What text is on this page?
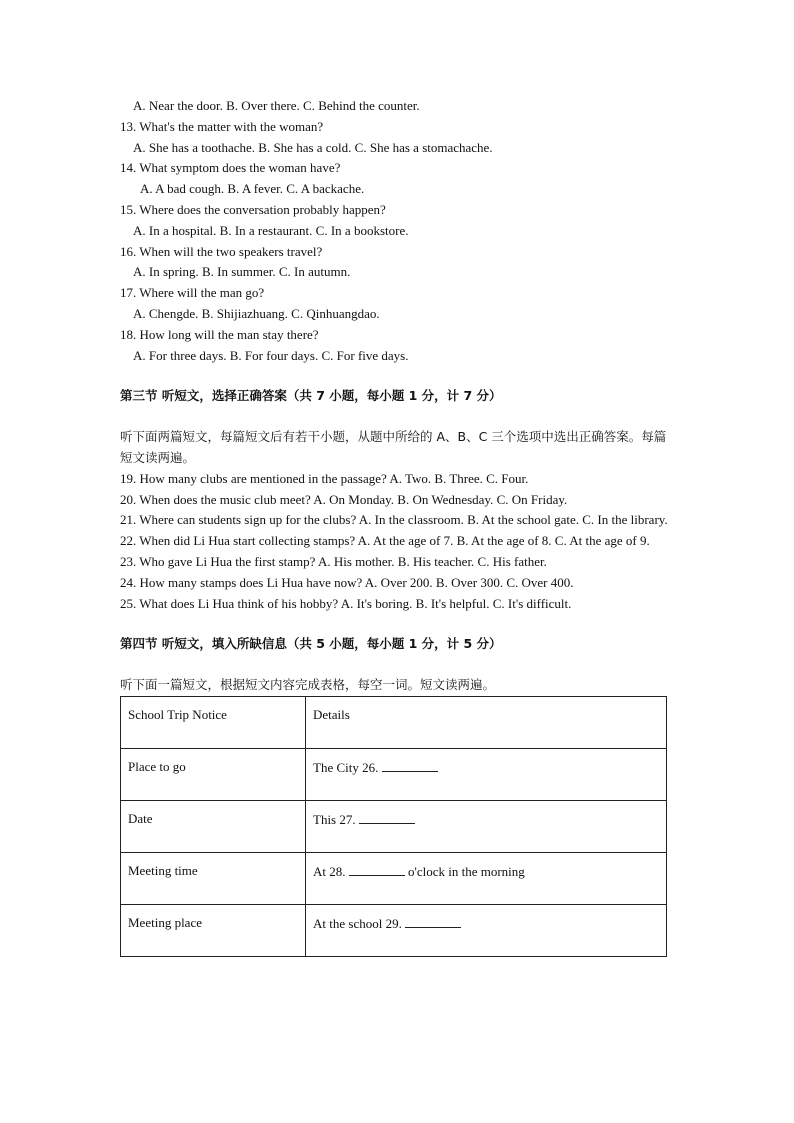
A. Near the door. B. Over there. C. Behind the counter.
13. What's the matter with the woman?
A. She has a toothache. B. She has a cold. C. She has a stomachache.
14. What symptom does the woman have?
A. A bad cough. B. A fever. C. A backache.
15. Where does the conversation probably happen?
A. In a hospital. B. In a restaurant. C. In a bookstore.
16. When will the two speakers travel?
A. In spring. B. In summer. C. In autumn.
17. Where will the man go?
A. Chengde. B. Shijiazhuang. C. Qinhuangdao.
18. How long will the man stay there?
A. For three days. B. For four days. C. For five days.
第三节 听短文，选择正确答案（共 7 小题，每小题 1 分，计 7 分）
听下面两篇短文，每篇短文后有若干小题，从题中所给的 A、B、C 三个选项中选出正确答案。每篇短文读两遍。
19. How many clubs are mentioned in the passage? A. Two. B. Three. C. Four.
20. When does the music club meet? A. On Monday. B. On Wednesday. C. On Friday.
21. Where can students sign up for the clubs? A. In the classroom. B. At the school gate. C. In the library.
22. When did Li Hua start collecting stamps? A. At the age of 7. B. At the age of 8. C. At the age of 9.
23. Who gave Li Hua the first stamp? A. His mother. B. His teacher. C. His father.
24. How many stamps does Li Hua have now? A. Over 200. B. Over 300. C. Over 400.
25. What does Li Hua think of his hobby? A. It's boring. B. It's helpful. C. It's difficult.
第四节 听短文，填入所缺信息（共 5 小题，每小题 1 分，计 5 分）
听下面一篇短文，根据短文内容完成表格，每空一词。短文读两遍。
School Trip Notice	Details
Place to go	The City 26.
Date	This 27.
Meeting time	At 28. o'clock in the morning
Meeting place	At the school 29.
